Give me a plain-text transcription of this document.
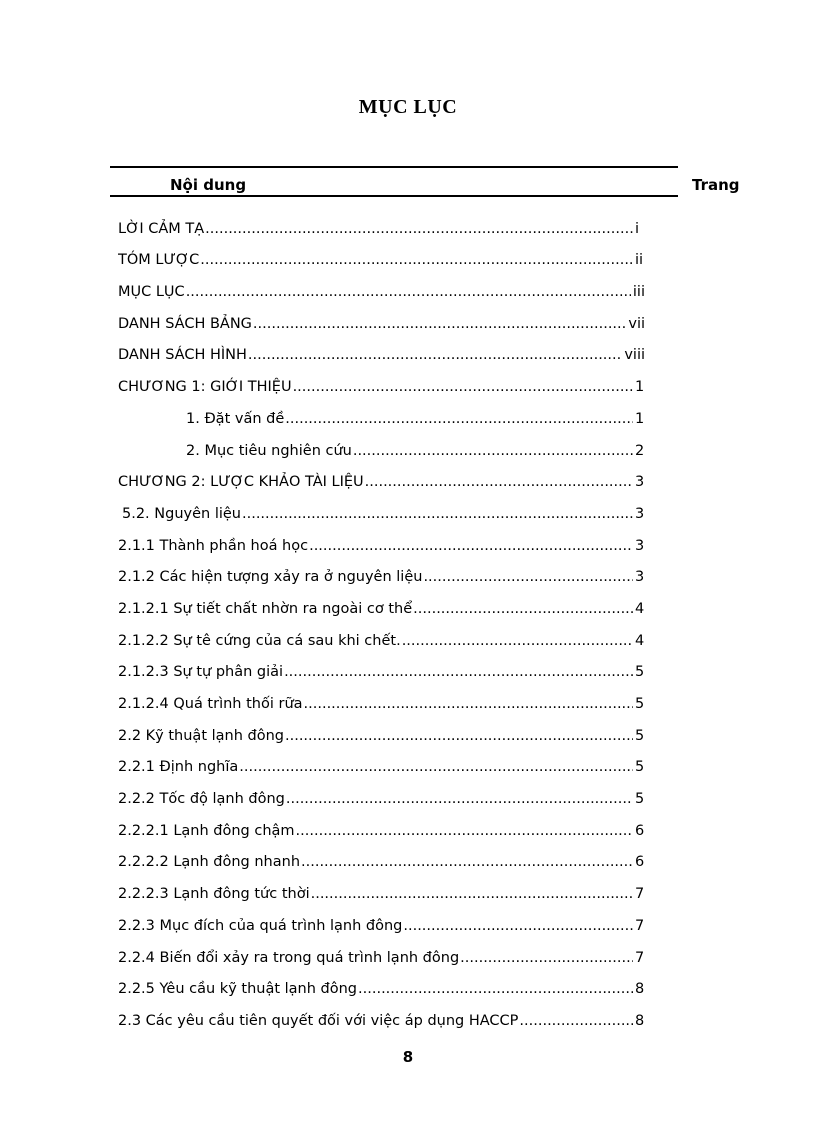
MỤC LỤC
Nội dung	Trang
LỜI CẢM TẠ .....	i
TÓM LƯỢC .....	ii
MỤC LỤC .....	iii
DANH SÁCH BẢNG .....	vii
DANH SÁCH HÌNH .....	viii
CHƯƠNG 1: GIỚI THIỆU .....	1
1. Đặt vấn đề .....	1
2. Mục tiêu nghiên cứu .....	2
CHƯƠNG 2: LƯỢC KHẢO TÀI LIỆU .....	3
5.2. Nguyên liệu .....	3
2.1.1 Thành phần hoá học .....	3
2.1.2 Các hiện tượng xảy ra ở nguyên liệu .....	3
2.1.2.1 Sự tiết chất nhờn ra ngoài cơ thể .....	4
2.1.2.2 Sự tê cứng của cá sau khi chết. .....	4
2.1.2.3 Sự tự phân giải .....	5
2.1.2.4 Quá trình thối rữa .....	5
2.2 Kỹ thuật lạnh đông .....	5
2.2.1 Định nghĩa .....	5
2.2.2 Tốc độ lạnh đông .....	5
2.2.2.1 Lạnh đông chậm .....	6
2.2.2.2 Lạnh đông nhanh .....	6
2.2.2.3 Lạnh đông tức thời .....	7
2.2.3 Mục đích của quá trình lạnh đông .....	7
2.2.4 Biến đổi xảy ra trong quá trình lạnh đông .....	7
2.2.5 Yêu cầu kỹ thuật lạnh đông .....	8
2.3 Các yêu cầu tiên quyết đối với việc áp dụng HACCP .....	8
8
